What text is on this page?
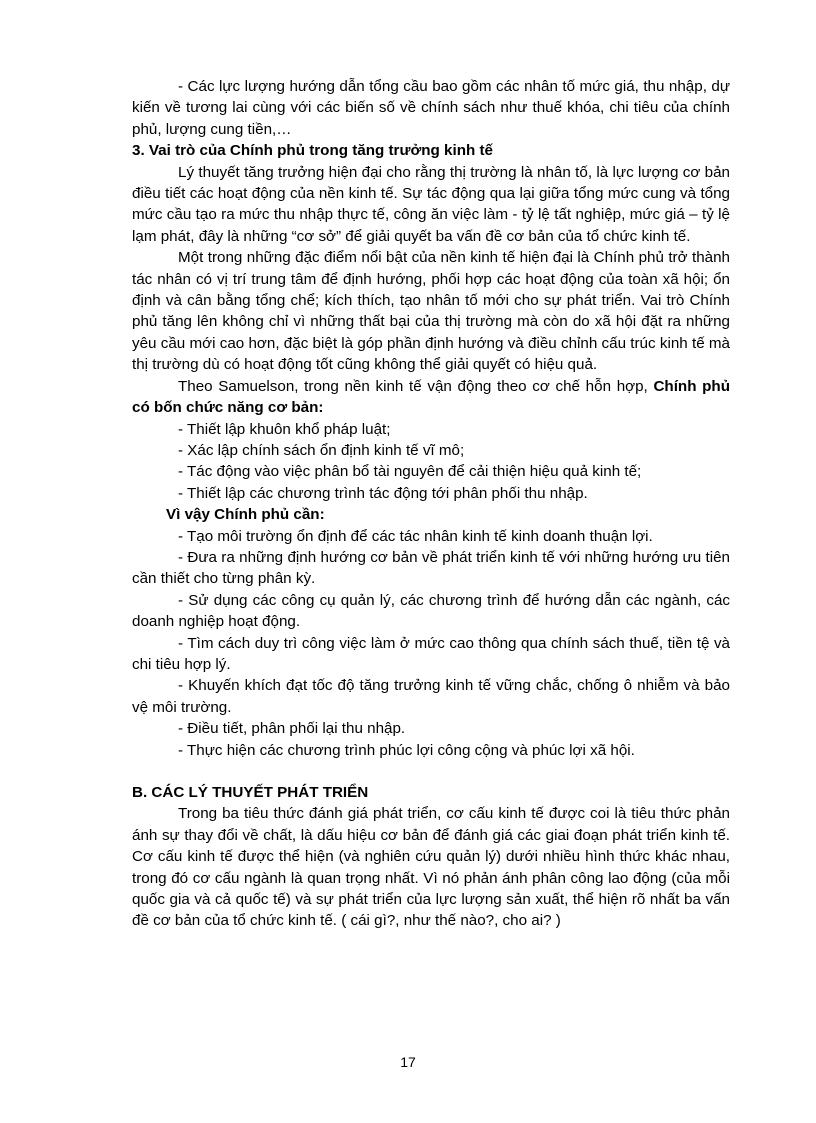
- Các lực lượng hướng dẫn tổng cầu bao gồm các nhân tố mức giá, thu nhập, dự kiến về tương lai cùng với các biến số về chính sách như thuế khóa, chi tiêu của chính phủ, lượng cung tiền,…

3. Vai trò của Chính phủ trong tăng trưởng kinh tế

Lý thuyết tăng trưởng hiện đại cho rằng thị trường là nhân tố, là lực lượng cơ bản điều tiết các hoạt động của nền kinh tế. Sự tác động qua lại giữa tổng mức cung và tổng mức cầu tạo ra mức thu nhập thực tế, công ăn việc làm - tỷ lệ tất nghiệp, mức giá – tỷ lệ lạm phát, đây là những “cơ sở” để giải quyết ba vấn đề cơ bản của tổ chức kinh tế.

Một trong những đặc điểm nổi bật của nền kinh tế hiện đại là Chính phủ trở thành tác nhân có vị trí trung tâm để định hướng, phối hợp các hoạt động của toàn xã hội; ổn định và cân bằng tổng chể; kích thích, tạo nhân tố mới cho sự phát triển. Vai trò Chính phủ tăng lên không chỉ vì những thất bại của thị trường mà còn do xã hội đặt ra những yêu cầu mới cao hơn, đặc biệt là góp phần định hướng và điều chỉnh cấu trúc kinh tế mà thị trường dù có hoạt động tốt cũng không thể giải quyết có hiệu quả.

Theo Samuelson, trong nền kinh tế vận động theo cơ chế hỗn hợp, Chính phủ có bốn chức năng cơ bản:

- Thiết lập khuôn khổ pháp luật;

- Xác lập chính sách ổn định kinh tế vĩ mô;

- Tác động vào việc phân bổ tài nguyên để cải thiện hiệu quả kinh tế;

- Thiết lập các chương trình tác động tới phân phối thu nhập.

Vì vậy Chính phủ cần:

- Tạo môi trường ổn định để các tác nhân kinh tế kinh doanh thuận lợi.

- Đưa ra những định hướng cơ bản về phát triển kinh tế với những hướng ưu tiên cần thiết cho từng phân kỳ.

- Sử dụng các công cụ quản lý, các chương trình để hướng dẫn các ngành, các doanh nghiệp hoạt động.

- Tìm cách duy trì công việc làm ở mức cao thông qua chính sách thuế, tiền tệ và chi tiêu hợp lý.

- Khuyến khích đạt tốc độ tăng trưởng kinh tế vững chắc, chống ô nhiễm và bảo vệ môi trường.

- Điều tiết, phân phối lại thu nhập.

- Thực hiện các chương trình phúc lợi công cộng và phúc lợi xã hội.

B. CÁC LÝ THUYẾT PHÁT TRIỂN

Trong ba tiêu thức đánh giá phát triển, cơ cấu kinh tế được coi là tiêu thức phản ánh sự thay đổi về chất, là dấu hiệu cơ bản để đánh giá các giai đoạn phát triển kinh tế. Cơ cấu kinh tế được thể hiện (và nghiên cứu quản lý) dưới nhiều hình thức khác nhau, trong đó cơ cấu ngành là quan trọng nhất. Vì nó phản ánh phân công lao động (của mỗi quốc gia và cả quốc tế) và sự phát triển của lực lượng sản xuất, thể hiện rõ nhất ba vấn đề cơ bản của tổ chức kinh tế. ( cái gì?, như thế nào?, cho ai? )

17
